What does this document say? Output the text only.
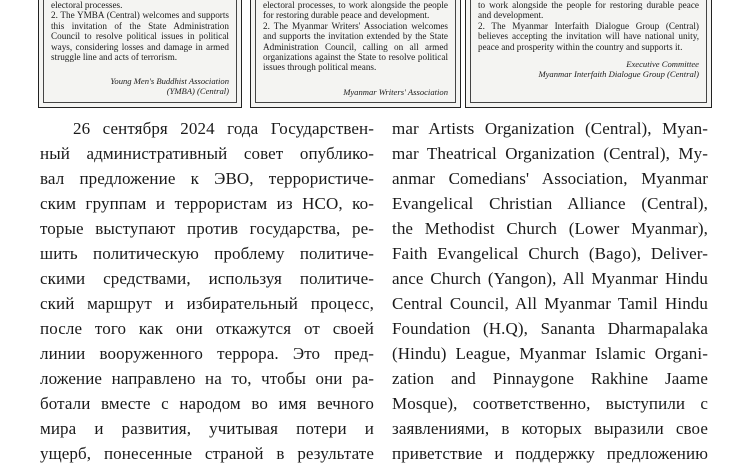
electoral processes.

2. The YMBA (Central) welcomes and supports this invitation of the State Administration Council to resolve political issues in political ways, considering losses and damage in armed struggle line and acts of terrorism.

Young Men's Buddhist Association

(YMBA) (Central)

electoral processes, to work alongside the people for restoring durable peace and development.

2. The Myanmar Writers' Association welcomes and supports the invitation extended by the State Administration Council, calling on all armed organizations against the State to resolve political issues through political means.

Myanmar Writers' Association

to work alongside the people for restoring durable peace and development.

2. The Myanmar Interfaith Dialogue Group (Central) believes accepting the invitation will have national unity, peace and prosperity within the country and supports it.

Executive Committee

Myanmar Interfaith Dialogue Group (Central)

26 сентября 2024 года Государствен-
ный административный совет опублико-
вал предложение к ЭВО, террористиче-
ским группам и террористам из НСО, ко-
торые выступают против государства, ре-
шить политическую проблему политиче-
скими средствами, используя политиче-
ский маршрут и избирательный процесс,
после того как они откажутся от своей
линии вооруженного террора. Это пред-
ложение направлено на то, чтобы они ра-
ботали вместе с народом во имя вечного
мира и развития, учитывая потери и
ущерб, понесенные страной в результате
mar Artists Organization (Central), Myan-
mar Theatrical Organization (Central), My-
anmar Comedians' Association, Myanmar
Evangelical Christian Alliance (Central),
the Methodist Church (Lower Myanmar),
Faith Evangelical Church (Bago), Deliver-
ance Church (Yangon), All Myanmar Hindu
Central Council, All Myanmar Tamil Hindu
Foundation (H.Q), Sananta Dharmapalaka
(Hindu) League, Myanmar Islamic Organi-
zation and Pinnaygone Rakhine Jaame
Mosque), соответственно, выступили с
заявлениями, в которых выразили свое
приветствие и поддержку предложению
